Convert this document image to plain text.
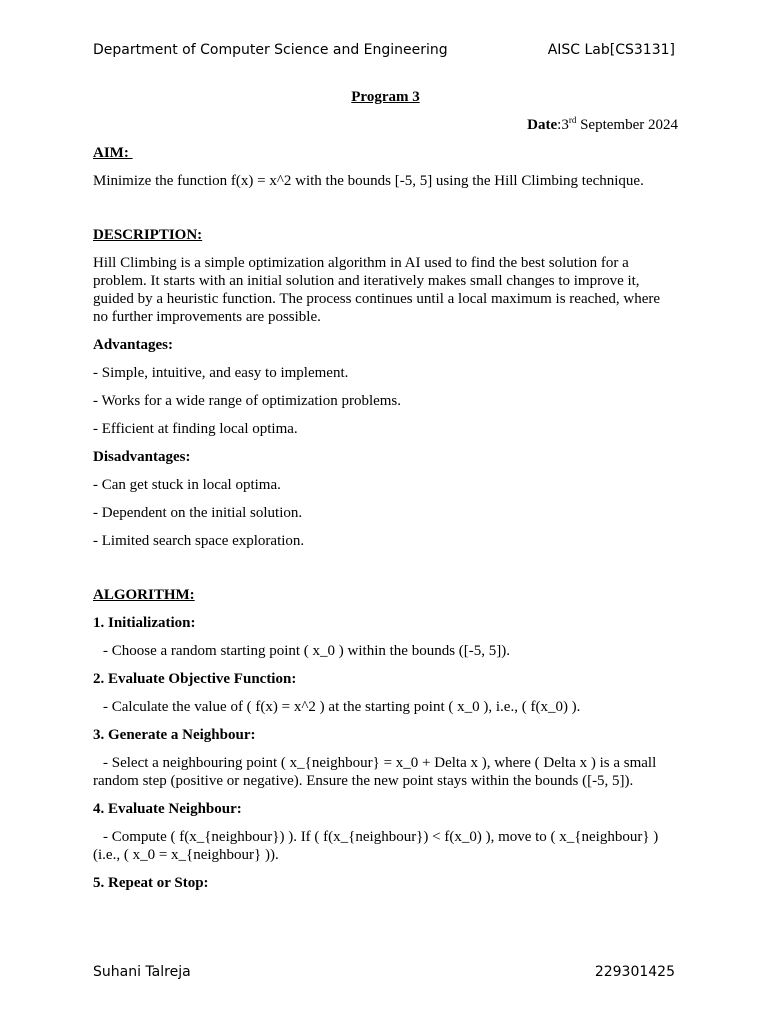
Department of Computer Science and Engineering	AISC Lab[CS3131]

Program 3

Date:3rd September 2024

AIM:

Minimize the function f(x) = x^2 with the bounds [-5, 5] using the Hill Climbing technique.

DESCRIPTION:

Hill Climbing is a simple optimization algorithm in AI used to find the best solution for a problem. It starts with an initial solution and iteratively makes small changes to improve it, guided by a heuristic function. The process continues until a local maximum is reached, where no further improvements are possible.

Advantages:

- Simple, intuitive, and easy to implement.

- Works for a wide range of optimization problems.

- Efficient at finding local optima.

Disadvantages:

- Can get stuck in local optima.

- Dependent on the initial solution.

- Limited search space exploration.

ALGORITHM:

1. Initialization:

- Choose a random starting point ( x_0 ) within the bounds ([-5, 5]).

2. Evaluate Objective Function:

- Calculate the value of ( f(x) = x^2 ) at the starting point ( x_0 ), i.e., ( f(x_0) ).

3. Generate a Neighbour:

- Select a neighbouring point ( x_{neighbour} = x_0 + Delta x ), where ( Delta x ) is a small random step (positive or negative). Ensure the new point stays within the bounds ([-5, 5]).

4. Evaluate Neighbour:

- Compute ( f(x_{neighbour}) ). If ( f(x_{neighbour}) < f(x_0) ), move to ( x_{neighbour} ) (i.e., ( x_0 = x_{neighbour} )).

5. Repeat or Stop:

Suhani Talreja	229301425
